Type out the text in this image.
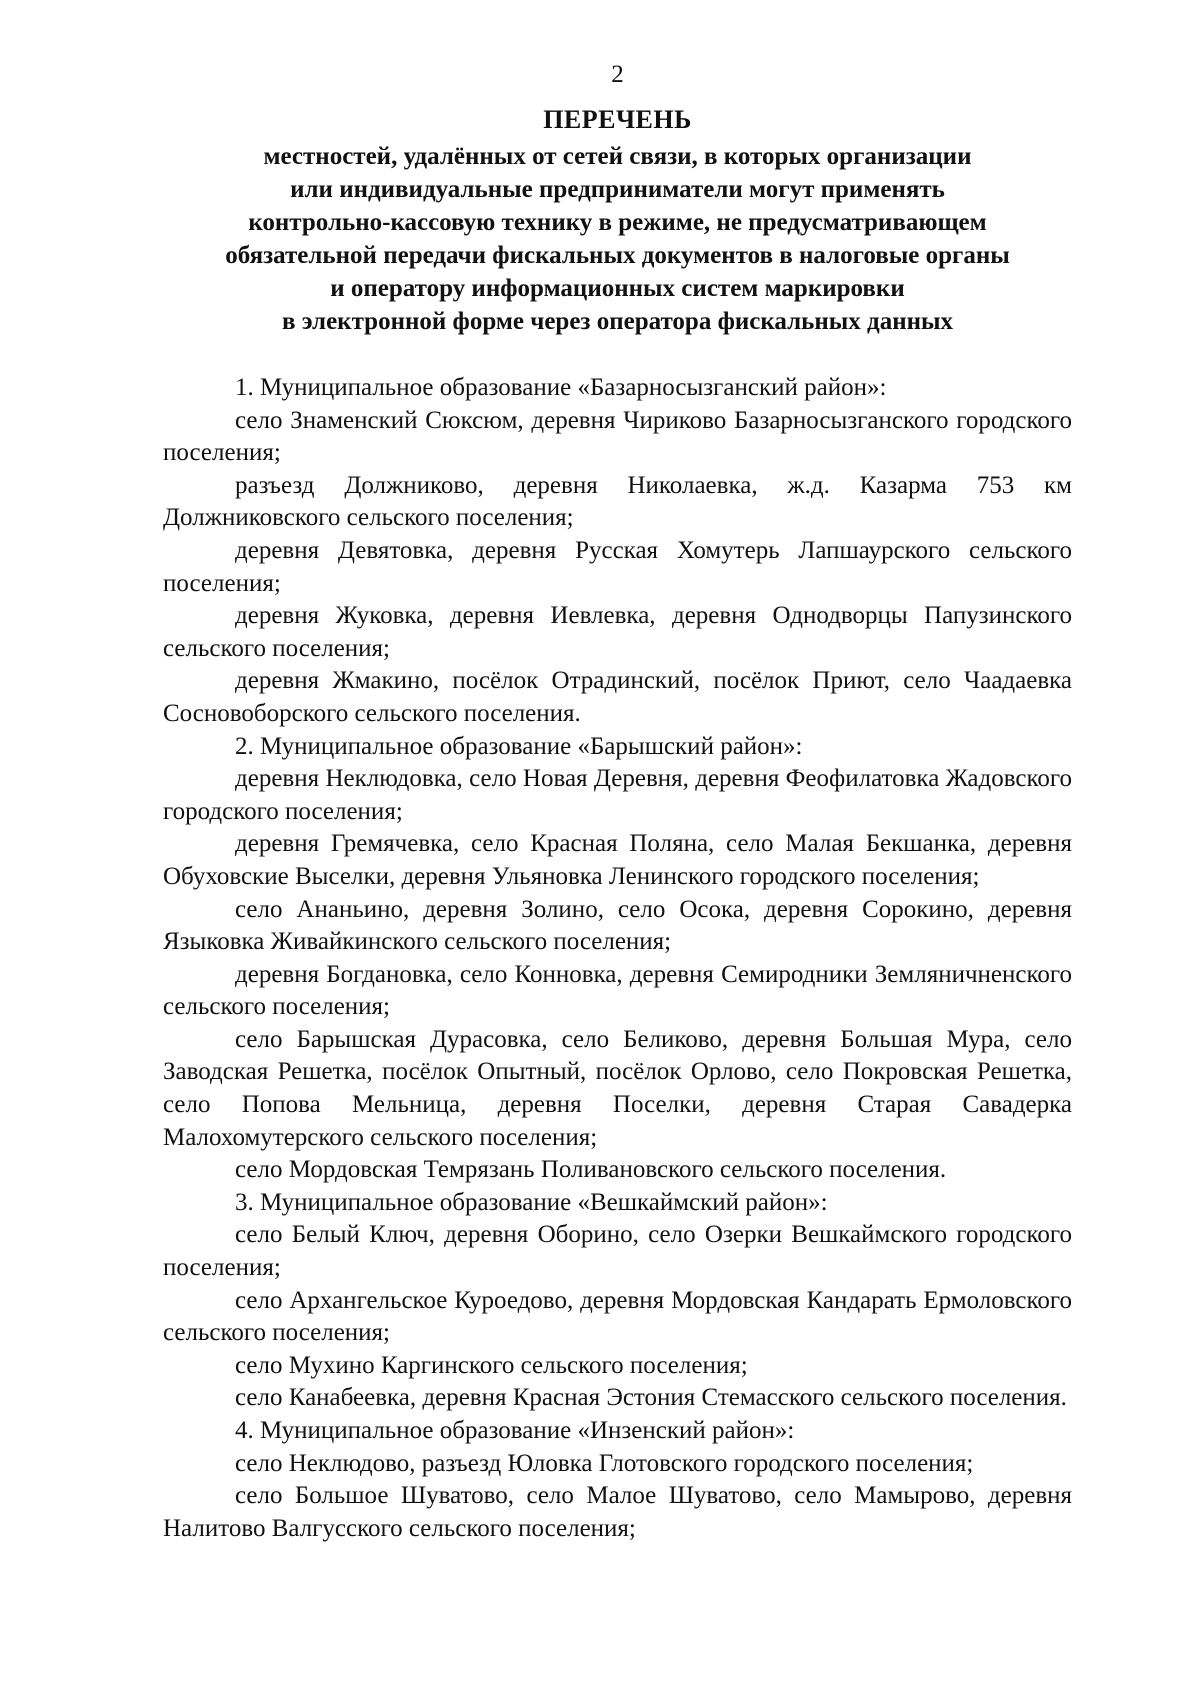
2
ПЕРЕЧЕНЬ
местностей, удалённых от сетей связи, в которых организации
или индивидуальные предприниматели могут применять
контрольно-кассовую технику в режиме, не предусматривающем
обязательной передачи фискальных документов в налоговые органы
и оператору информационных систем маркировки
в электронной форме через оператора фискальных данных

1. Муниципальное образование «Базарносызганский район»:

село Знаменский Сюксюм, деревня Чириково Базарносызганского городского поселения;

разъезд Должниково, деревня Николаевка, ж.д. Казарма 753 км Должниковского сельского поселения;

деревня Девятовка, деревня Русская Хомутерь Лапшаурского сельского поселения;

деревня Жуковка, деревня Иевлевка, деревня Однодворцы Папузинского сельского поселения;

деревня Жмакино, посёлок Отрадинский, посёлок Приют, село Чаадаевка Сосновоборского сельского поселения.

2. Муниципальное образование «Барышский район»:

деревня Неклюдовка, село Новая Деревня, деревня Феофилатовка Жадовского городского поселения;

деревня Гремячевка, село Красная Поляна, село Малая Бекшанка, деревня Обуховские Выселки, деревня Ульяновка Ленинского городского поселения;

село Ананьино, деревня Золино, село Осока, деревня Сорокино, деревня Языковка Живайкинского сельского поселения;

деревня Богдановка, село Конновка, деревня Семиродники Земляничненского сельского поселения;

село Барышская Дурасовка, село Беликово, деревня Большая Мура, село Заводская Решетка, посёлок Опытный, посёлок Орлово, село Покровская Решетка, село Попова Мельница, деревня Поселки, деревня Старая Савадерка Малохомутерского сельского поселения;

село Мордовская Темрязань Поливановского сельского поселения.

3. Муниципальное образование «Вешкаймский район»:

село Белый Ключ, деревня Оборино, село Озерки Вешкаймского городского поселения;

село Архангельское Куроедово, деревня Мордовская Кандарать Ермоловского сельского поселения;

село Мухино Каргинского сельского поселения;

село Канабеевка, деревня Красная Эстония Стемасского сельского поселения.

4. Муниципальное образование «Инзенский район»:

село Неклюдово, разъезд Юловка Глотовского городского поселения;

село Большое Шуватово, село Малое Шуватово, село Мамырово, деревня Налитово Валгусского сельского поселения;
